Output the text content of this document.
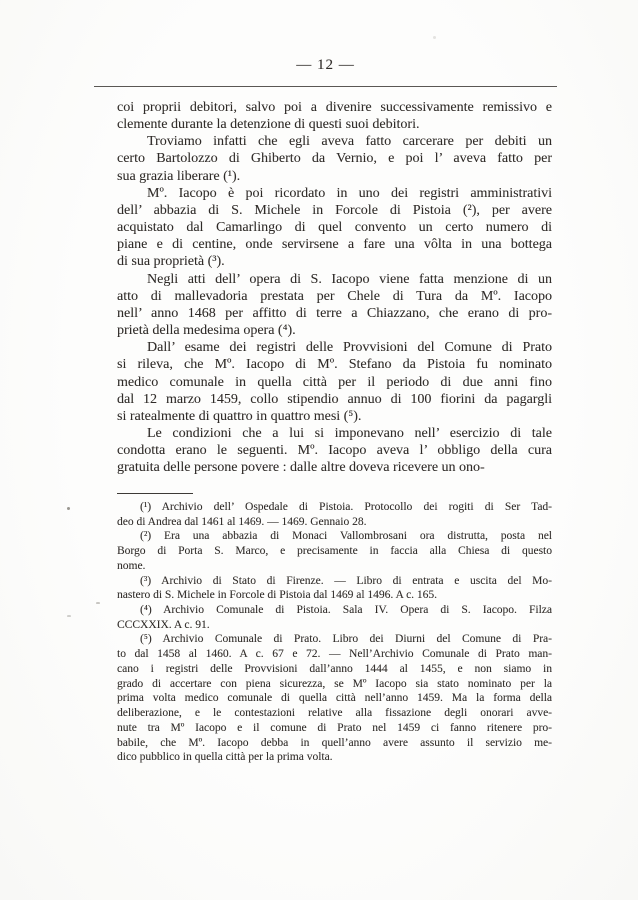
— 12 —
coi proprii debitori, salvo poi a divenire successivamente remissivo e
clemente durante la detenzione di questi suoi debitori.
Troviamo infatti che egli aveva fatto carcerare per debiti un
certo Bartolozzo di Ghiberto da Vernio, e poi l’ aveva fatto per
sua grazia liberare (¹).
Mº. Iacopo è poi ricordato in uno dei registri amministrativi
dell’ abbazia di S. Michele in Forcole di Pistoia (²), per avere
acquistato dal Camarlingo di quel convento un certo numero di
piane e di centine, onde servirsene a fare una vôlta in una bottega
di sua proprietà (³).
Negli atti dell’ opera di S. Iacopo viene fatta menzione di un
atto di mallevadoria prestata per Chele di Tura da Mº. Iacopo
nell’ anno 1468 per affitto di terre a Chiazzano, che erano di pro-
prietà della medesima opera (⁴).
Dall’ esame dei registri delle Provvisioni del Comune di Prato
si rileva, che Mº. Iacopo di Mº. Stefano da Pistoia fu nominato
medico comunale in quella città per il periodo di due anni fino
dal 12 marzo 1459, collo stipendio annuo di 100 fiorini da pagargli
si ratealmente di quattro in quattro mesi (⁵).
Le condizioni che a lui si imponevano nell’ esercizio di tale
condotta erano le seguenti. Mº. Iacopo aveva l’ obbligo della cura
gratuita delle persone povere : dalle altre doveva ricevere un ono-
(¹) Archivio dell’ Ospedale di Pistoia. Protocollo dei rogiti di Ser Tad-
deo di Andrea dal 1461 al 1469. — 1469. Gennaio 28.
(²) Era una abbazia di Monaci Vallombrosani ora distrutta, posta nel
Borgo di Porta S. Marco, e precisamente in faccia alla Chiesa di questo
nome.
(³) Archivio di Stato di Firenze. — Libro di entrata e uscita del Mo-
nastero di S. Michele in Forcole di Pistoia dal 1469 al 1496. A c. 165.
(⁴) Archivio Comunale di Pistoia. Sala IV. Opera di S. Iacopo. Filza
CCCXXIX. A c. 91.
(⁵) Archivio Comunale di Prato. Libro dei Diurni del Comune di Pra-
to dal 1458 al 1460. A c. 67 e 72. — Nell’Archivio Comunale di Prato man-
cano i registri delle Provvisioni dall’anno 1444 al 1455, e non siamo in
grado di accertare con piena sicurezza, se Mº Iacopo sia stato nominato per la
prima volta medico comunale di quella città nell’anno 1459. Ma la forma della
deliberazione, e le contestazioni relative alla fissazione degli onorari avve-
nute tra Mº Iacopo e il comune di Prato nel 1459 ci fanno ritenere pro-
babile, che Mº. Iacopo debba in quell’anno avere assunto il servizio me-
dico pubblico in quella città per la prima volta.
